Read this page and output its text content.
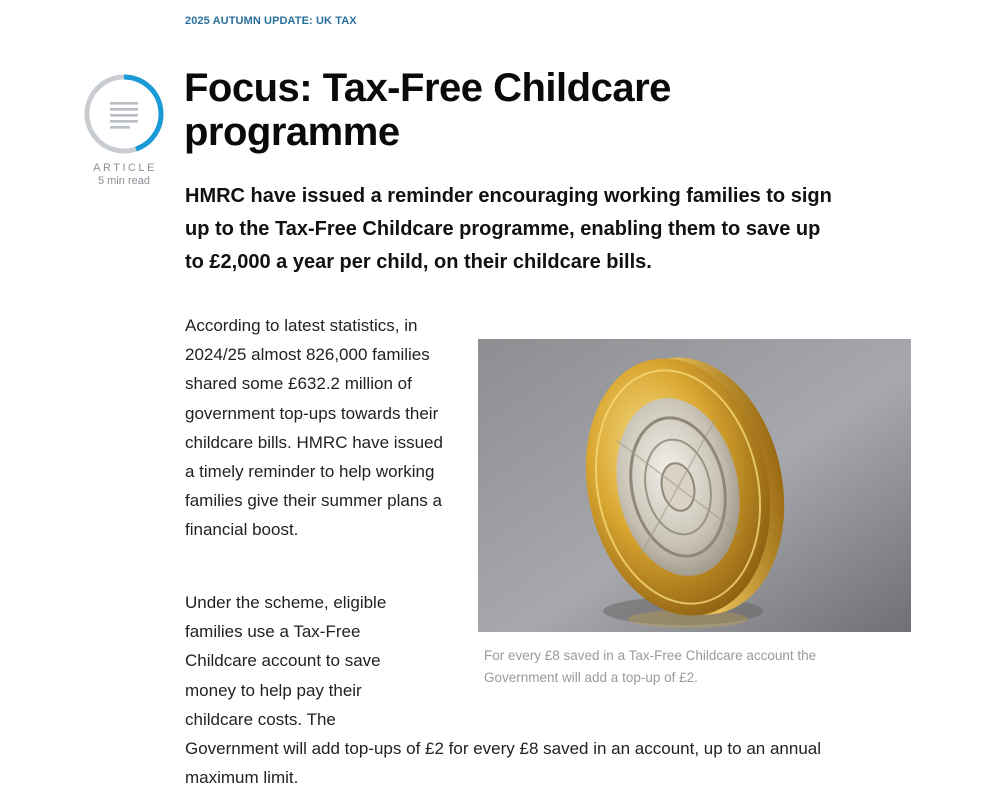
2025 AUTUMN UPDATE: UK TAX
ARTICLE
5 min read
Focus: Tax-Free Childcare programme

HMRC have issued a reminder encouraging working families to sign up to the Tax-Free Childcare programme, enabling them to save up to £2,000 a year per child, on their childcare bills.

According to latest statistics, in 2024/25 almost 826,000 families shared some £632.2 million of government top-ups towards their childcare bills. HMRC have issued a timely reminder to help working families give their summer plans a financial boost.
Under the scheme, eligible families use a Tax-Free Childcare account to save money to help pay their childcare costs. The Government will add top-ups of £2 for every £8 saved in an account, up to an annual maximum limit.

For every £8 saved in a Tax-Free Childcare account the Government will add a top-up of £2.
